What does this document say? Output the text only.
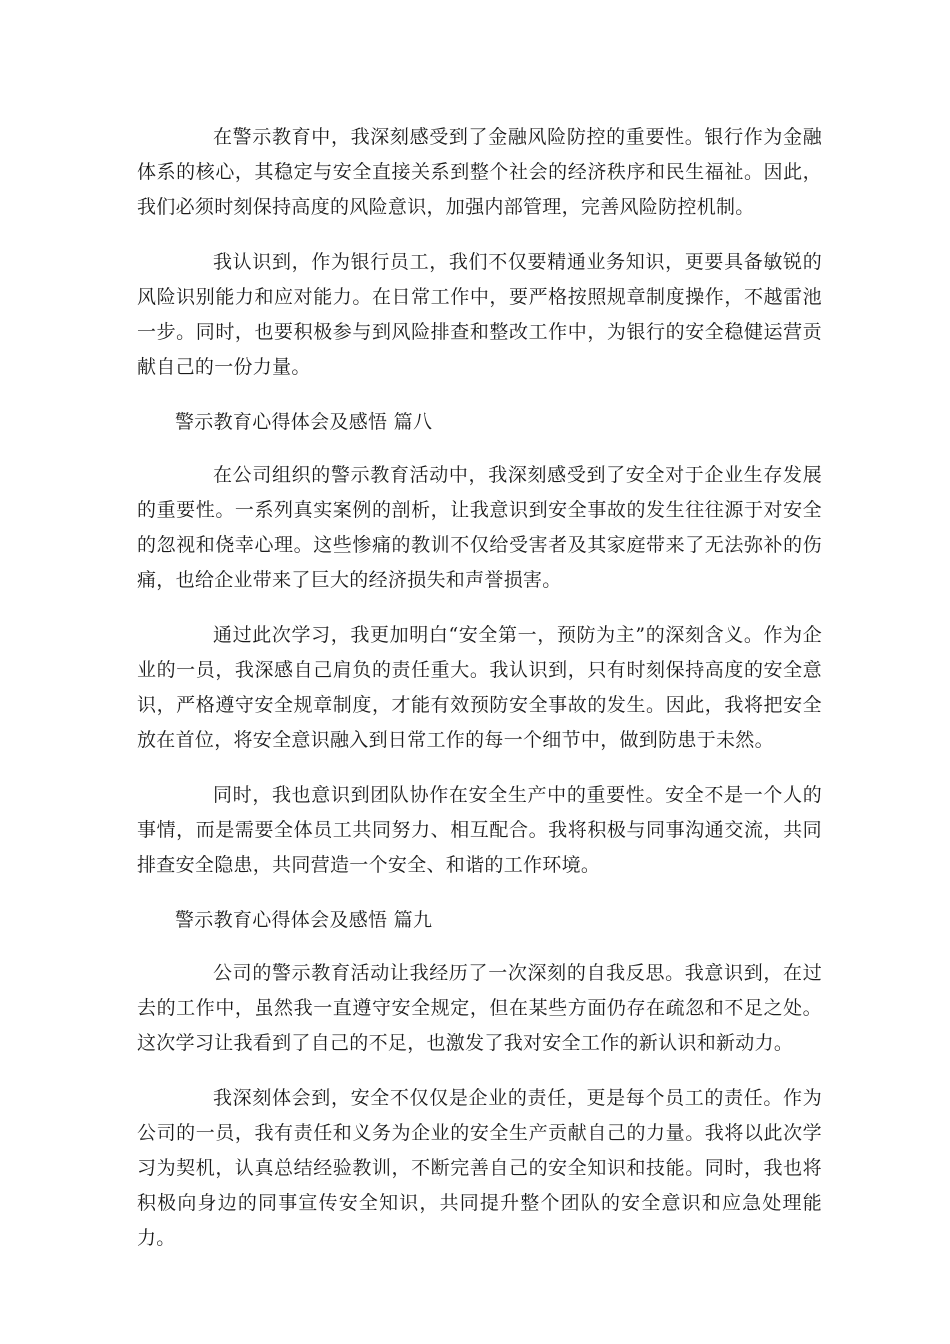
在警示教育中，我深刻感受到了金融风险防控的重要性。银行作为金融体系的核心，其稳定与安全直接关系到整个社会的经济秩序和民生福祉。因此，我们必须时刻保持高度的风险意识，加强内部管理，完善风险防控机制。

我认识到，作为银行员工，我们不仅要精通业务知识，更要具备敏锐的风险识别能力和应对能力。在日常工作中，要严格按照规章制度操作，不越雷池一步。同时，也要积极参与到风险排查和整改工作中，为银行的安全稳健运营贡献自己的一份力量。

警示教育心得体会及感悟 篇八

在公司组织的警示教育活动中，我深刻感受到了安全对于企业生存发展的重要性。一系列真实案例的剖析，让我意识到安全事故的发生往往源于对安全的忽视和侥幸心理。这些惨痛的教训不仅给受害者及其家庭带来了无法弥补的伤痛，也给企业带来了巨大的经济损失和声誉损害。

通过此次学习，我更加明白“安全第一，预防为主”的深刻含义。作为企业的一员，我深感自己肩负的责任重大。我认识到，只有时刻保持高度的安全意识，严格遵守安全规章制度，才能有效预防安全事故的发生。因此，我将把安全放在首位，将安全意识融入到日常工作的每一个细节中，做到防患于未然。

同时，我也意识到团队协作在安全生产中的重要性。安全不是一个人的事情，而是需要全体员工共同努力、相互配合。我将积极与同事沟通交流，共同排查安全隐患，共同营造一个安全、和谐的工作环境。

警示教育心得体会及感悟 篇九

公司的警示教育活动让我经历了一次深刻的自我反思。我意识到，在过去的工作中，虽然我一直遵守安全规定，但在某些方面仍存在疏忽和不足之处。这次学习让我看到了自己的不足，也激发了我对安全工作的新认识和新动力。

我深刻体会到，安全不仅仅是企业的责任，更是每个员工的责任。作为公司的一员，我有责任和义务为企业的安全生产贡献自己的力量。我将以此次学习为契机，认真总结经验教训，不断完善自己的安全知识和技能。同时，我也将积极向身边的同事宣传安全知识，共同提升整个团队的安全意识和应急处理能力。
